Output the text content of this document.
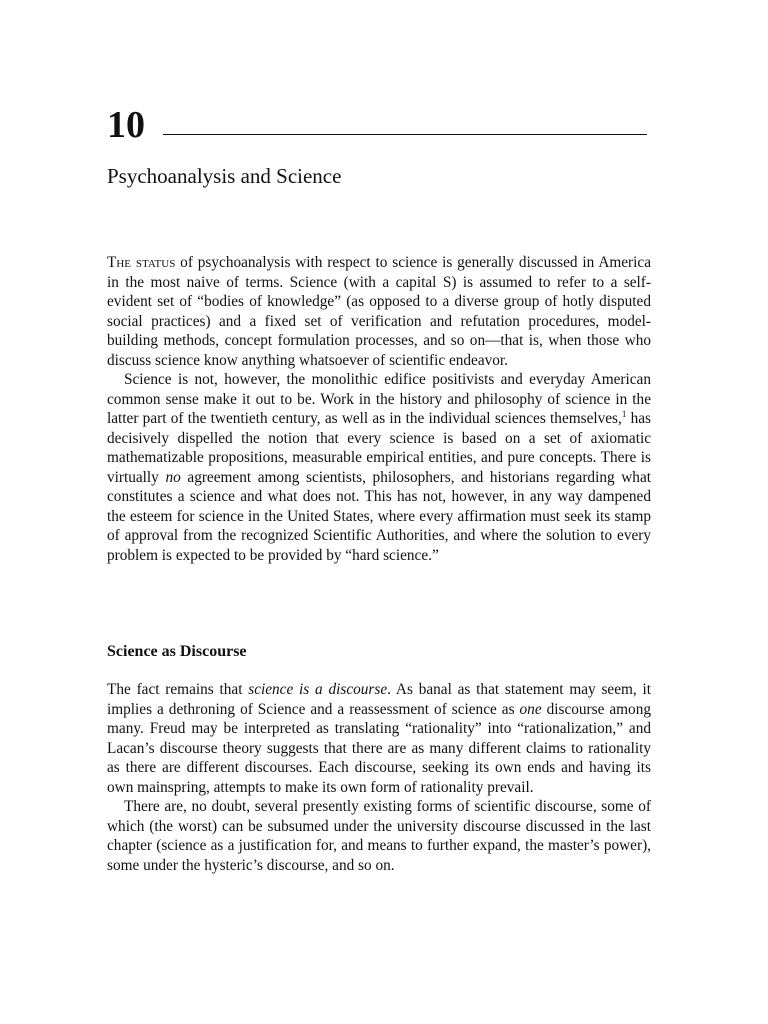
10
Psychoanalysis and Science

The status of psychoanalysis with respect to science is generally discussed in America in the most naive of terms. Science (with a capital S) is assumed to refer to a self-evident set of “bodies of knowledge” (as opposed to a diverse group of hotly disputed social practices) and a fixed set of verification and refutation procedures, model-building methods, concept formulation processes, and so on—that is, when those who discuss science know anything whatsoever of scientific endeavor.

Science is not, however, the monolithic edifice positivists and everyday American common sense make it out to be. Work in the history and philosophy of science in the latter part of the twentieth century, as well as in the individual sciences themselves,$^1$ has decisively dispelled the notion that every science is based on a set of axiomatic mathematizable propositions, measurable empirical entities, and pure concepts. There is virtually no agreement among scientists, philosophers, and historians regarding what constitutes a science and what does not. This has not, however, in any way dampened the esteem for science in the United States, where every affirmation must seek its stamp of approval from the recognized Scientific Authorities, and where the solution to every problem is expected to be provided by “hard science.”

Science as Discourse

The fact remains that science is a discourse. As banal as that statement may seem, it implies a dethroning of Science and a reassessment of science as one discourse among many. Freud may be interpreted as translating “rationality” into “rationalization,” and Lacan’s discourse theory suggests that there are as many different claims to rationality as there are different discourses. Each discourse, seeking its own ends and having its own mainspring, attempts to make its own form of rationality prevail.

There are, no doubt, several presently existing forms of scientific discourse, some of which (the worst) can be subsumed under the university discourse discussed in the last chapter (science as a justification for, and means to further expand, the master’s power), some under the hysteric’s discourse, and so on.
